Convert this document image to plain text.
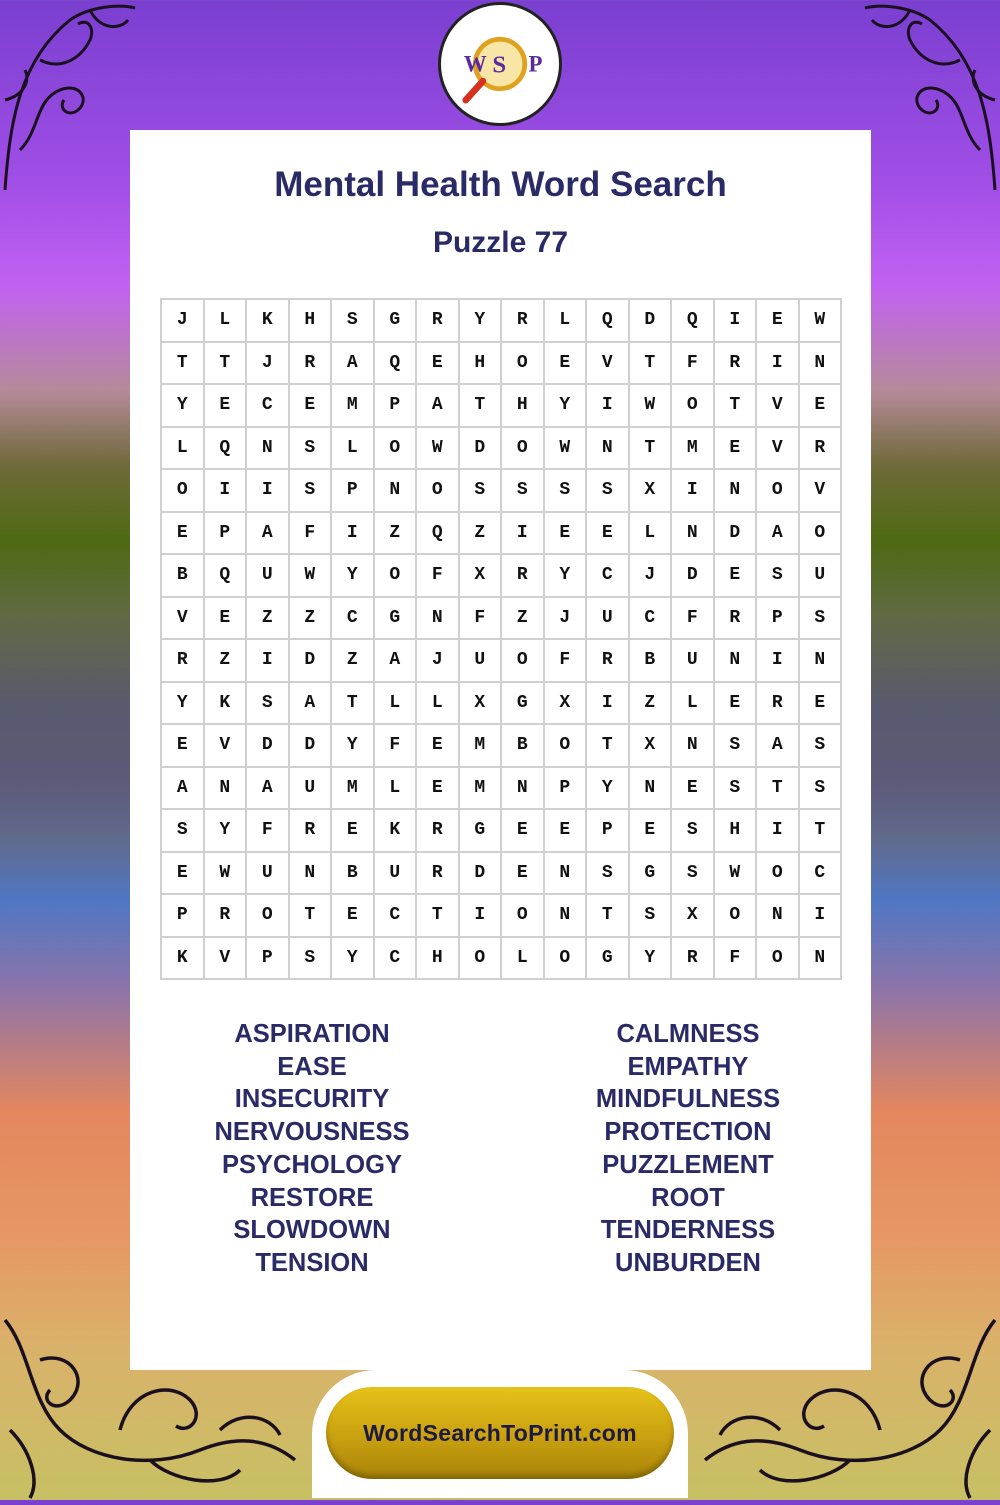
W S P
Mental Health Word Search
Puzzle 77
J	L	K	H	S	G	R	Y	R	L	Q	D	Q	I	E	W
T	T	J	R	A	Q	E	H	O	E	V	T	F	R	I	N
Y	E	C	E	M	P	A	T	H	Y	I	W	O	T	V	E
L	Q	N	S	L	O	W	D	O	W	N	T	M	E	V	R
O	I	I	S	P	N	O	S	S	S	S	X	I	N	O	V
E	P	A	F	I	Z	Q	Z	I	E	E	L	N	D	A	O
B	Q	U	W	Y	O	F	X	R	Y	C	J	D	E	S	U
V	E	Z	Z	C	G	N	F	Z	J	U	C	F	R	P	S
R	Z	I	D	Z	A	J	U	O	F	R	B	U	N	I	N
Y	K	S	A	T	L	L	X	G	X	I	Z	L	E	R	E
E	V	D	D	Y	F	E	M	B	O	T	X	N	S	A	S
A	N	A	U	M	L	E	M	N	P	Y	N	E	S	T	S
S	Y	F	R	E	K	R	G	E	E	P	E	S	H	I	T
E	W	U	N	B	U	R	D	E	N	S	G	S	W	O	C
P	R	O	T	E	C	T	I	O	N	T	S	X	O	N	I
K	V	P	S	Y	C	H	O	L	O	G	Y	R	F	O	N
ASPIRATION
EASE
INSECURITY
NERVOUSNESS
PSYCHOLOGY
RESTORE
SLOWDOWN
TENSION
CALMNESS
EMPATHY
MINDFULNESS
PROTECTION
PUZZLEMENT
ROOT
TENDERNESS
UNBURDEN
WordSearchToPrint.com
